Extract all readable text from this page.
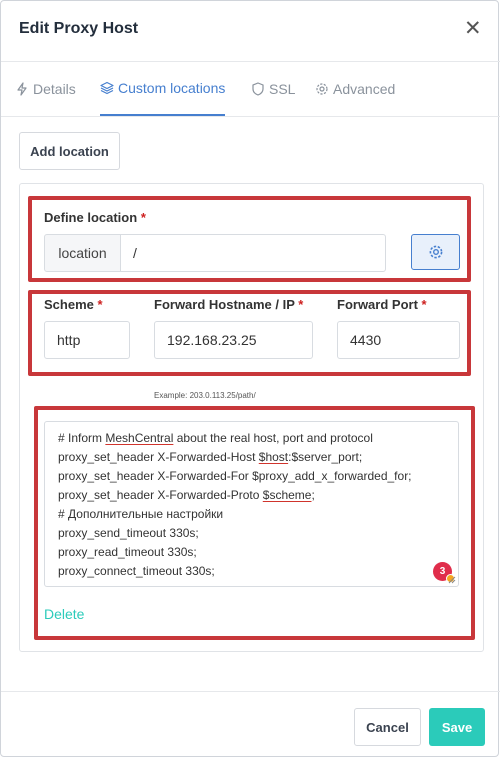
Edit Proxy Host	✕
Details	Custom locations	SSL	Advanced
Add location
Define location *
location	/
Scheme *	Forward Hostname / IP *	Forward Port *
http	192.168.23.25	4430
Example: 203.0.113.25/path/
# Inform MeshCentral about the real host, port and protocol
proxy_set_header X-Forwarded-Host $host:$server_port;
proxy_set_header X-Forwarded-For $proxy_add_x_forwarded_for;
proxy_set_header X-Forwarded-Proto $scheme;
# Дополнительные настройки
proxy_send_timeout 330s;
proxy_read_timeout 330s;
proxy_connect_timeout 330s;	3
Delete
Cancel	Save
